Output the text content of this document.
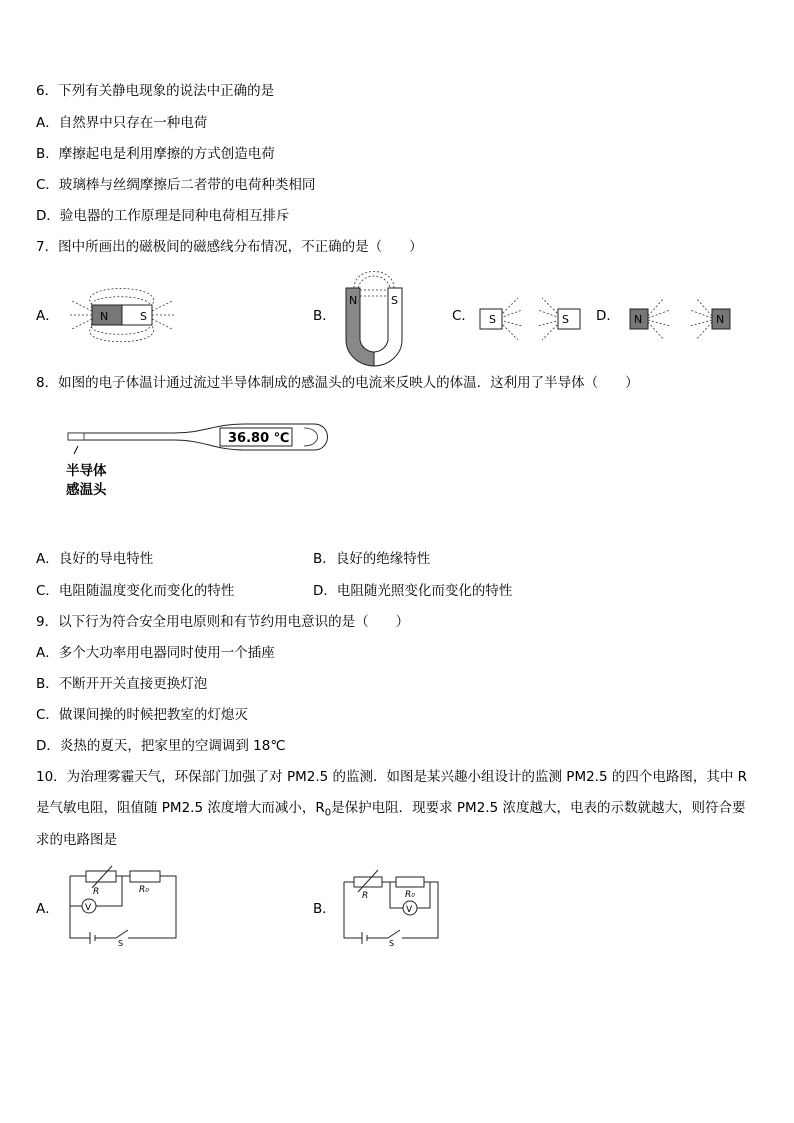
6．下列有关静电现象的说法中正确的是
A．自然界中只存在一种电荷
B．摩擦起电是利用摩擦的方式创造电荷
C．玻璃棒与丝绸摩擦后二者带的电荷种类相同
D．验电器的工作原理是同种电荷相互排斥
7．图中所画出的磁极间的磁感线分布情况，不正确的是（　　）
A．	B．	C．	D．
N	S
N	S
S	S	N	N
8．如图的电子体温计通过流过半导体制成的感温头的电流来反映人的体温．这利用了半导体（　　）
36.80 ℃
半导体
感温头
A．良好的导电特性	B．良好的绝缘特性
C．电阻随温度变化而变化的特性	D．电阻随光照变化而变化的特性
9．以下行为符合安全用电原则和有节约用电意识的是（　　）
A．多个大功率用电器同时使用一个插座
B．不断开开关直接更换灯泡
C．做课间操的时候把教室的灯熄灭
D．炎热的夏天，把家里的空调调到 18℃
10．为治理雾霾天气，环保部门加强了对 PM2.5 的监测．如图是某兴趣小组设计的监测 PM2.5 的四个电路图，其中 R
是气敏电阻，阻值随 PM2.5 浓度增大而减小，$R_0$是保护电阻．现要求 PM2.5 浓度越大，电表的示数就越大，则符合要
求的电路图是
A．	B．
R	R₀
V
S
R	R₀
V
S
